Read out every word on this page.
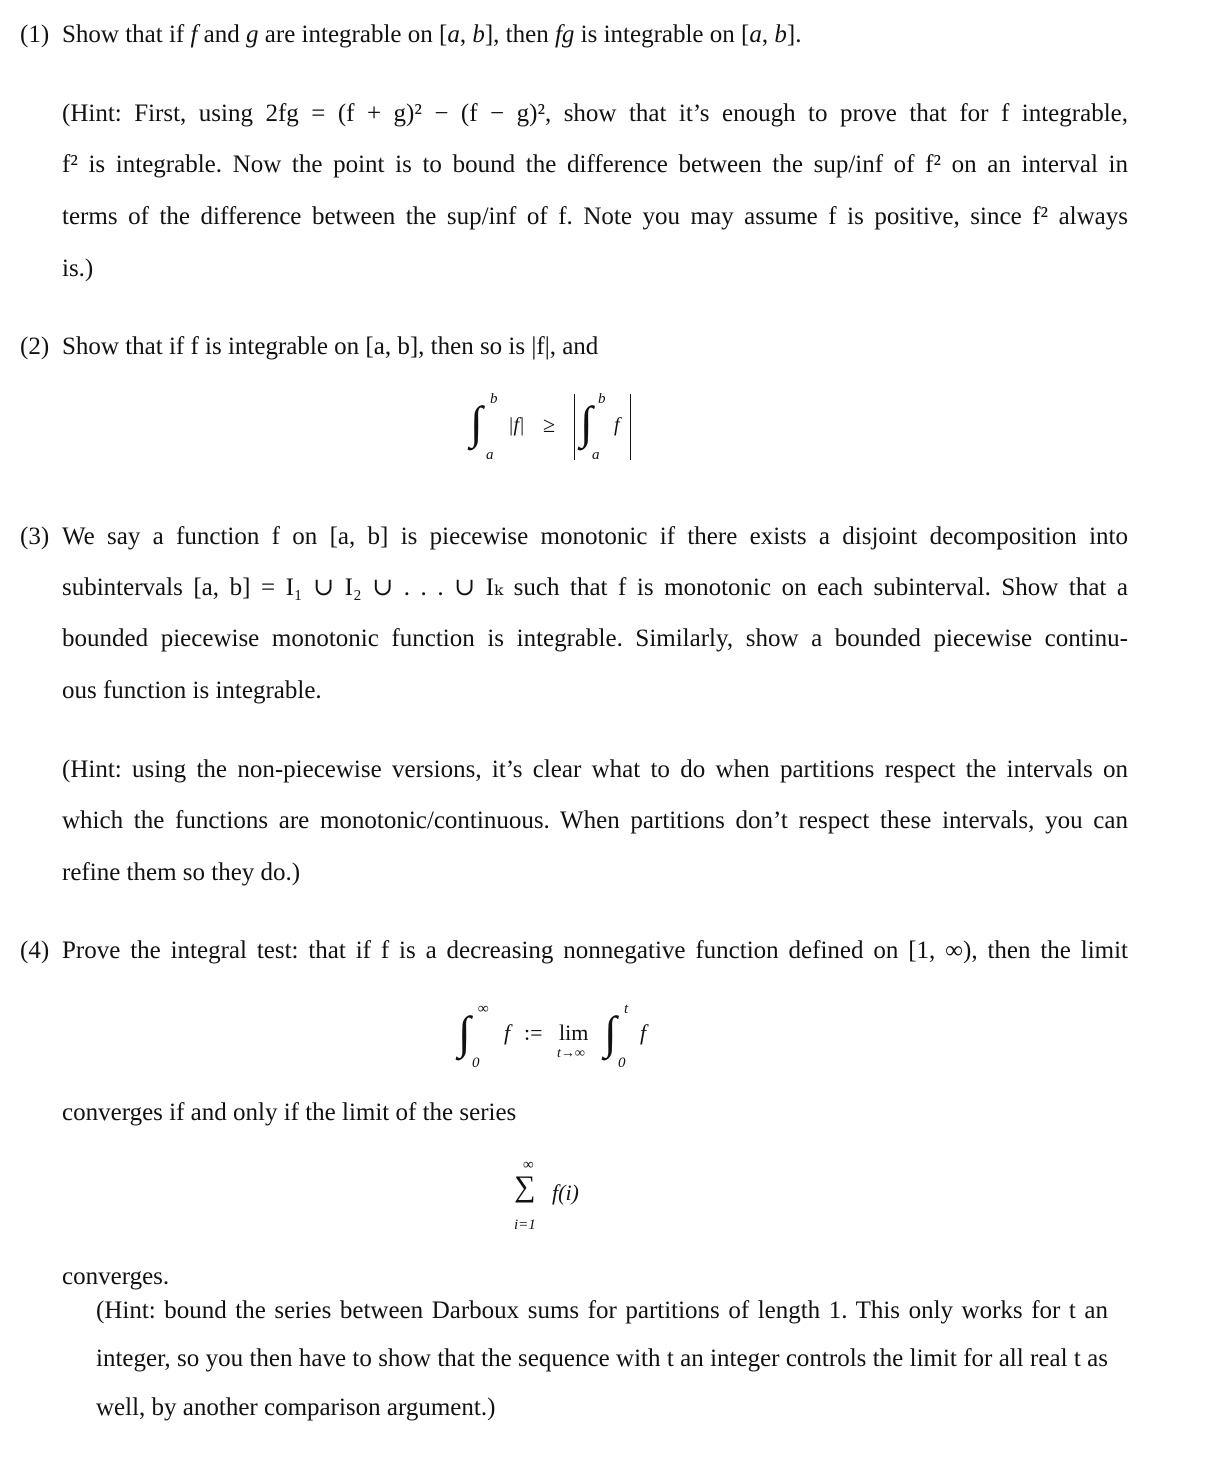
(1) Show that if f and g are integrable on [a, b], then fg is integrable on [a, b].
(Hint: First, using 2fg = (f + g)² − (f − g)², show that it’s enough to prove that for f integrable,
f² is integrable. Now the point is to bound the difference between the sup/inf of f² on an interval in
terms of the difference between the sup/inf of f. Note you may assume f is positive, since f² always
is.)
(2) Show that if f is integrable on [a, b], then so is |f|, and
∫ b
a
|f| ≥ ∫ b
a
f
(3) We say a function f on [a, b] is piecewise monotonic if there exists a disjoint decomposition into
subintervals [a, b] = I₁ ∪ I₂ ∪ . . . ∪ Iₖ such that f is monotonic on each subinterval. Show that a
bounded piecewise monotonic function is integrable. Similarly, show a bounded piecewise continu-
ous function is integrable.
(Hint: using the non-piecewise versions, it’s clear what to do when partitions respect the intervals on
which the functions are monotonic/continuous. When partitions don’t respect these intervals, you can
refine them so they do.)
(4) Prove the integral test: that if f is a decreasing nonnegative function defined on [1, ∞), then the limit
∫ ∞
0
f := lim
t→∞ ∫ t
0
f
converges if and only if the limit of the series
∞
∑ f(i)
i=1
converges.
(Hint: bound the series between Darboux sums for partitions of length 1. This only works for t an
integer, so you then have to show that the sequence with t an integer controls the limit for all real t as
well, by another comparison argument.)
